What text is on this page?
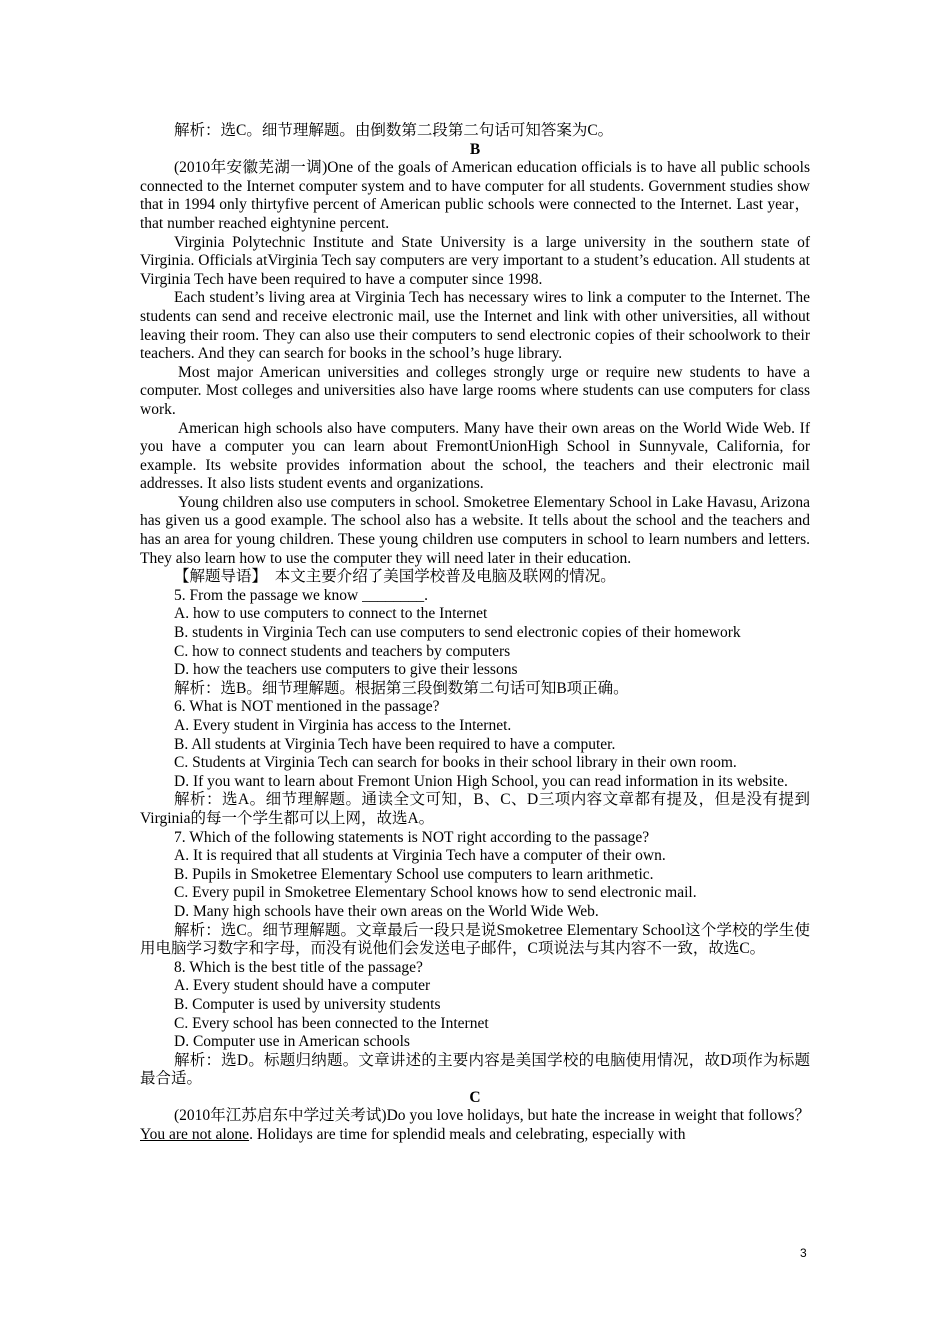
解析：选C。细节理解题。由倒数第二段第二句话可知答案为C。

B

(2010年安徽芜湖一调)One of the goals of American education officials is to have all public schools connected to the Internet computer system and to have computer for all students. Government studies show that in 1994 only thirtyfive percent of American public schools were connected to the Internet. Last year，that number reached eightynine percent.

Virginia Polytechnic Institute and State University is a large university in the southern state of Virginia. Officials atVirginia Tech say computers are very important to a student’s education. All students at Virginia Tech have been required to have a computer since 1998.

Each student’s living area at Virginia Tech has necessary wires to link a computer to the Internet. The students can send and receive electronic mail, use the Internet and link with other universities, all without leaving their room. They can also use their computers to send electronic copies of their schoolwork to their teachers. And they can search for books in the school’s huge library.

Most major American universities and colleges strongly urge or require new students to have a computer. Most colleges and universities also have large rooms where students can use computers for class work.

American high schools also have computers. Many have their own areas on the World Wide Web. If you have a computer you can learn about FremontUnionHigh School in Sunnyvale, California, for example. Its website provides information about the school, the teachers and their electronic mail addresses. It also lists student events and organizations.

Young children also use computers in school. Smoketree Elementary School in Lake Havasu, Arizona has given us a good example. The school also has a website. It tells about the school and the teachers and has an area for young children. These young children use computers in school to learn numbers and letters. They also learn how to use the computer they will need later in their education.

【解题导语】　本文主要介绍了美国学校普及电脑及联网的情况。

5. From the passage we know ________.

A. how to use computers to connect to the Internet

B. students in Virginia Tech can use computers to send electronic copies of their homework

C. how to connect students and teachers by computers

D. how the teachers use computers to give their lessons

解析：选B。细节理解题。根据第三段倒数第二句话可知B项正确。

6. What is NOT mentioned in the passage?

A. Every student in Virginia has access to the Internet.

B. All students at Virginia Tech have been required to have a computer.

C. Students at Virginia Tech can search for books in their school library in their own room.

D. If you want to learn about Fremont Union High School, you can read information in its website.

解析：选A。细节理解题。通读全文可知，B、C、D三项内容文章都有提及，但是没有提到Virginia的每一个学生都可以上网，故选A。

7. Which of the following statements is NOT right according to the passage?

A. It is required that all students at Virginia Tech have a computer of their own.

B. Pupils in Smoketree Elementary School use computers to learn arithmetic.

C. Every pupil in Smoketree Elementary School knows how to send electronic mail.

D. Many high schools have their own areas on the World Wide Web.

解析：选C。细节理解题。文章最后一段只是说Smoketree Elementary School这个学校的学生使用电脑学习数字和字母，而没有说他们会发送电子邮件，C项说法与其内容不一致，故选C。

8. Which is the best title of the passage?

A. Every student should have a computer

B. Computer is used by university students

C. Every school has been connected to the Internet

D. Computer use in American schools

解析：选D。标题归纳题。文章讲述的主要内容是美国学校的电脑使用情况，故D项作为标题最合适。

C

(2010年江苏启东中学过关考试)Do you love holidays, but hate the increase in weight that follows？You are not alone. Holidays are time for splendid meals and celebrating, especially with

3
